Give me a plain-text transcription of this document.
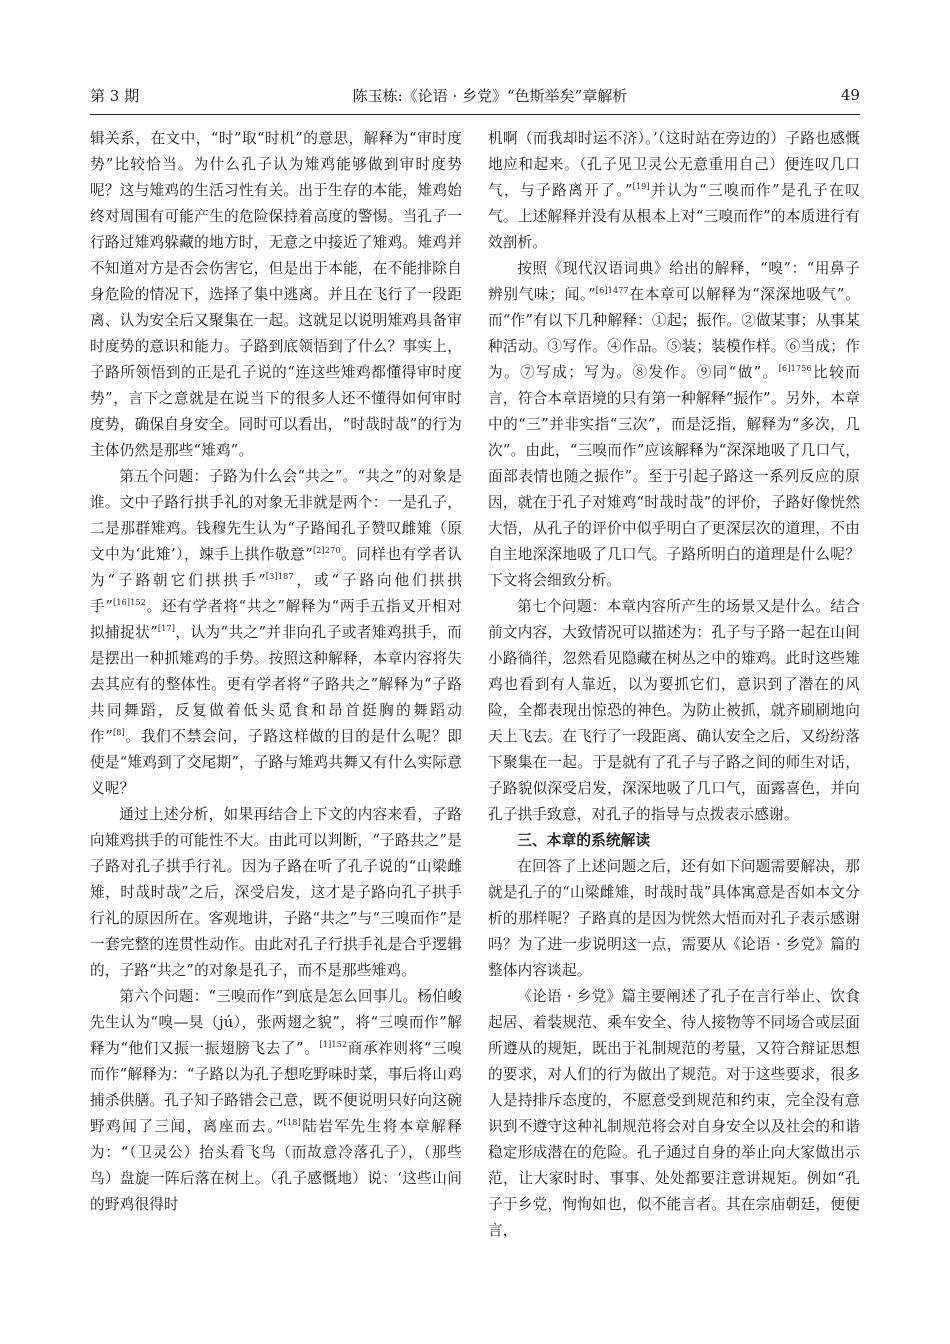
第 3 期	陈玉栋:《论语 · 乡党》“色斯举矣”章解析	49

辑关系，在文中，“时”取“时机”的意思，解释为“审时度势”比较恰当。为什么孔子认为雉鸡能够做到审时度势呢？这与雉鸡的生活习性有关。出于生存的本能，雉鸡始终对周围有可能产生的危险保持着高度的警惕。当孔子一行路过雉鸡躲藏的地方时，无意之中接近了雉鸡。雉鸡并不知道对方是否会伤害它，但是出于本能，在不能排除自身危险的情况下，选择了集中逃离。并且在飞行了一段距离、认为安全后又聚集在一起。这就足以说明雉鸡具备审时度势的意识和能力。子路到底领悟到了什么？事实上，子路所领悟到的正是孔子说的“连这些雉鸡都懂得审时度势”，言下之意就是在说当下的很多人还不懂得如何审时度势，确保自身安全。同时可以看出，“时哉时哉”的行为主体仍然是那些“雉鸡”。

第五个问题：子路为什么会“共之”。“共之”的对象是谁。文中子路行拱手礼的对象无非就是两个：一是孔子，二是那群雉鸡。钱穆先生认为“子路闻孔子赞叹雌雉（原文中为‘此雉’），竦手上拱作敬意”$^{[2]270}$。同样也有学者认为“子路朝它们拱拱手”$^{[3]187}$，或“子路向他们拱拱手”$^{[16]152}$。还有学者将“共之”解释为“两手五指叉开相对拟捕捉状”[17]，认为“共之”并非向孔子或者雉鸡拱手，而是摆出一种抓雉鸡的手势。按照这种解释，本章内容将失去其应有的整体性。更有学者将“子路共之”解释为“子路共同舞蹈，反复做着低头觅食和昂首挺胸的舞蹈动作”[8]。我们不禁会问，子路这样做的目的是什么呢？即使是“雉鸡到了交尾期”，子路与雉鸡共舞又有什么实际意义呢？

通过上述分析，如果再结合上下文的内容来看，子路向雉鸡拱手的可能性不大。由此可以判断，“子路共之”是子路对孔子拱手行礼。因为子路在听了孔子说的“山梁雌雉，时哉时哉”之后，深受启发，这才是子路向孔子拱手行礼的原因所在。客观地讲，子路“共之”与“三嗅而作”是一套完整的连贯性动作。由此对孔子行拱手礼是合乎逻辑的，子路“共之”的对象是孔子，而不是那些雉鸡。

第六个问题：“三嗅而作”到底是怎么回事儿。杨伯峻先生认为“嗅—狊（jú），张两翅之貌”，将“三嗅而作”解释为“他们又振一振翅膀飞去了”。$^{[1]152}$商承祚则将“三嗅而作”解释为：“子路以为孔子想吃野味时菜，事后将山鸡捕杀供膳。孔子知子路错会己意，既不便说明只好向这碗野鸡闻了三闻，离座而去。”[18]陆岩军先生将本章解释为：“（卫灵公）抬头看飞鸟（而故意冷落孔子），（那些鸟）盘旋一阵后落在树上。（孔子感慨地）说：‘这些山间的野鸡很得时

机啊（而我却时运不济）。’（这时站在旁边的）子路也感慨地应和起来。（孔子见卫灵公无意重用自己）便连叹几口气，与子路离开了。”[19]并认为“三嗅而作”是孔子在叹气。上述解释并没有从根本上对“三嗅而作”的本质进行有效剖析。

按照《现代汉语词典》给出的解释，“嗅”：“用鼻子辨别气味；闻。”$^{[6]1477}$在本章可以解释为“深深地吸气”。而“作”有以下几种解释：①起；振作。②做某事；从事某种活动。③写作。④作品。⑤装；装模作样。⑥当成；作为。⑦写成；写为。⑧发作。⑨同“做”。$^{[6]1756}$比较而言，符合本章语境的只有第一种解释“振作”。另外，本章中的“三”并非实指“三次”，而是泛指，解释为“多次，几次”。由此，“三嗅而作”应该解释为“深深地吸了几口气，面部表情也随之振作”。至于引起子路这一系列反应的原因，就在于孔子对雉鸡“时哉时哉”的评价，子路好像恍然大悟，从孔子的评价中似乎明白了更深层次的道理，不由自主地深深地吸了几口气。子路所明白的道理是什么呢？下文将会细致分析。

第七个问题：本章内容所产生的场景又是什么。结合前文内容，大致情况可以描述为：孔子与子路一起在山间小路徜徉，忽然看见隐藏在树丛之中的雉鸡。此时这些雉鸡也看到有人靠近，以为要抓它们，意识到了潜在的风险，全都表现出惊恐的神色。为防止被抓，就齐刷刷地向天上飞去。在飞行了一段距离、确认安全之后，又纷纷落下聚集在一起。于是就有了孔子与子路之间的师生对话，子路貌似深受启发，深深地吸了几口气，面露喜色，并向孔子拱手致意，对孔子的指导与点拨表示感谢。

三、本章的系统解读

在回答了上述问题之后，还有如下问题需要解决，那就是孔子的“山梁雌雉，时哉时哉”具体寓意是否如本文分析的那样呢？子路真的是因为恍然大悟而对孔子表示感谢吗？为了进一步说明这一点，需要从《论语 · 乡党》篇的整体内容谈起。

《论语 · 乡党》篇主要阐述了孔子在言行举止、饮食起居、着装规范、乘车安全、待人接物等不同场合或层面所遵从的规矩，既出于礼制规范的考量，又符合辩证思想的要求，对人们的行为做出了规范。对于这些要求，很多人是持排斥态度的，不愿意受到规范和约束，完全没有意识到不遵守这种礼制规范将会对自身安全以及社会的和谐稳定形成潜在的危险。孔子通过自身的举止向大家做出示范，让大家时时、事事、处处都要注意讲规矩。例如“孔子于乡党，恂恂如也，似不能言者。其在宗庙朝廷，便便言，
